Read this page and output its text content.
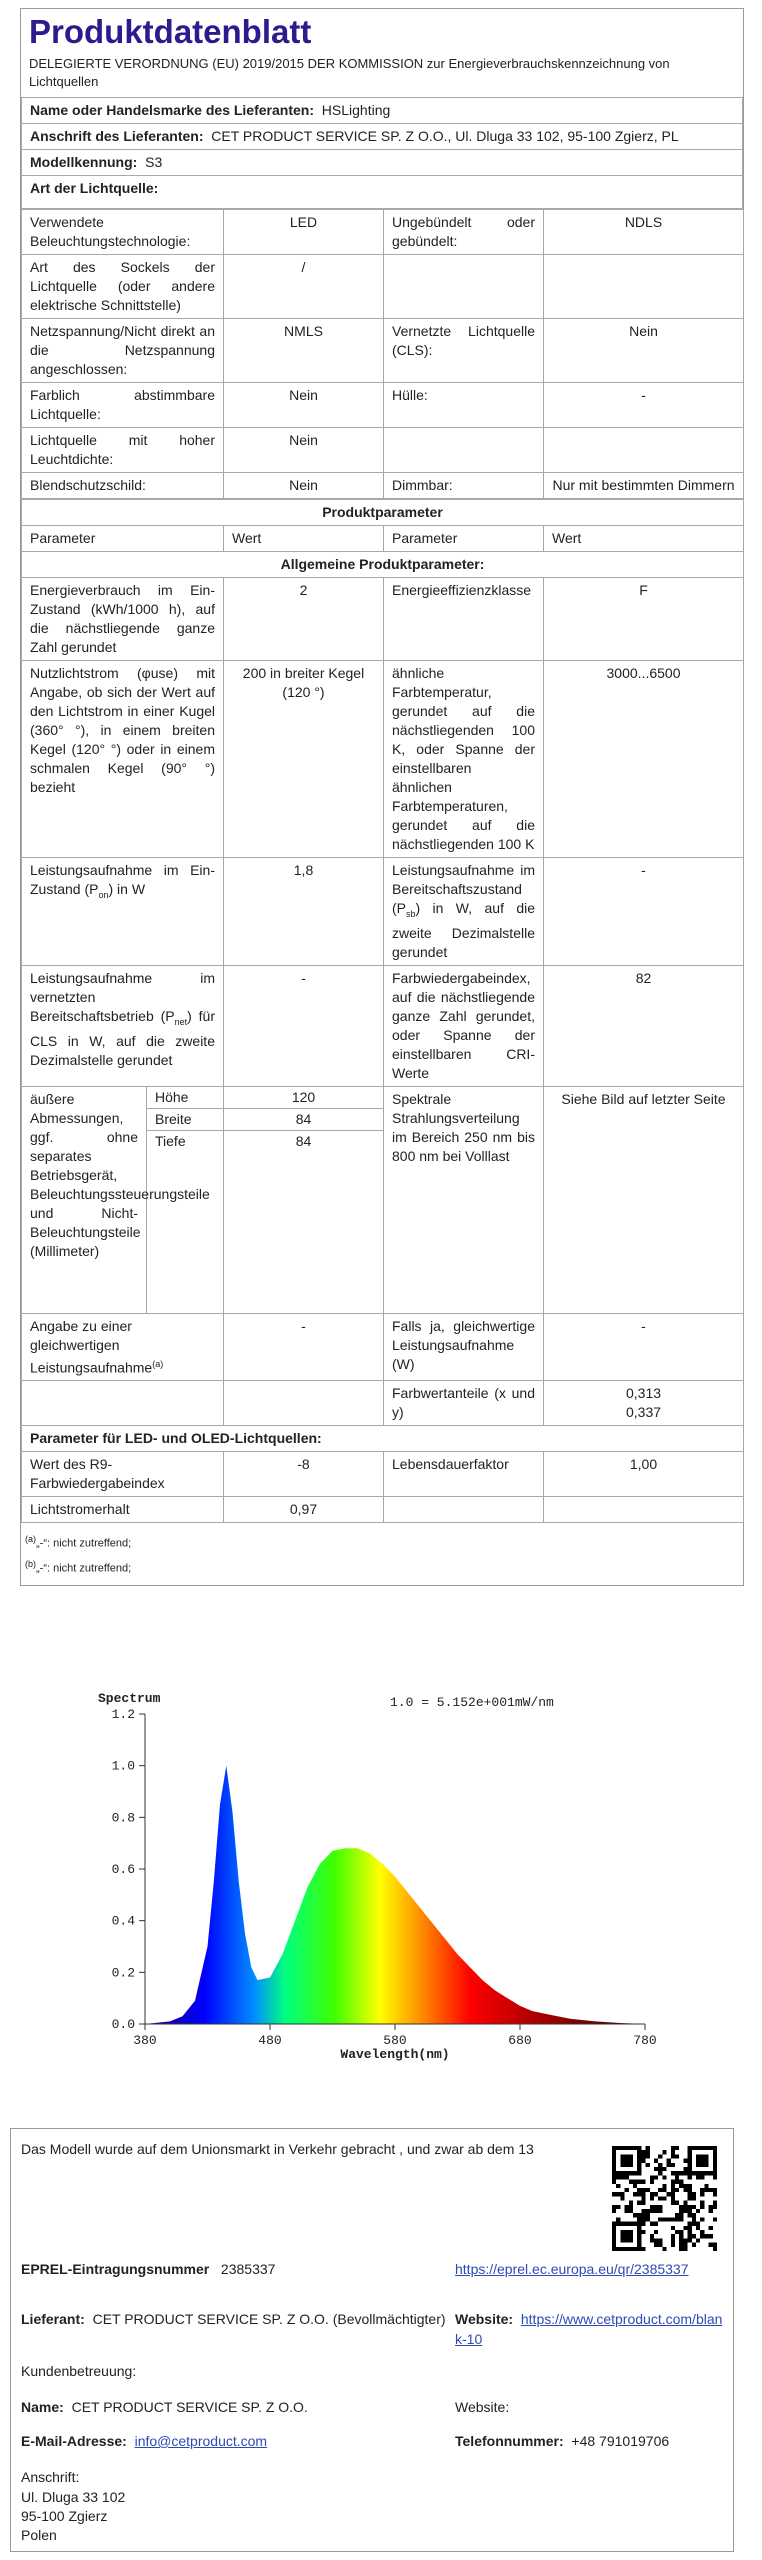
Produktdatenblatt
DELEGIERTE VERORDNUNG (EU) 2019/2015 DER KOMMISSION zur Energieverbrauchskennzeichnung von Lichtquellen
Name oder Handelsmarke des Lieferanten: HSLighting
Anschrift des Lieferanten: CET PRODUCT SERVICE SP. Z O.O., Ul. Dluga 33 102, 95-100 Zgierz, PL
Modellkennung: S3
Art der Lichtquelle:
Verwendete Beleuchtungstechnologie:	LED	Ungebündelt oder gebündelt:	NDLS
Art des Sockels der Lichtquelle (oder andere elektrische Schnittstelle)	/		
Netzspannung/Nicht direkt an die Netzspannung angeschlossen:	NMLS	Vernetzte Lichtquelle (CLS):	Nein
Farblich abstimmbare Lichtquelle:	Nein	Hülle:	-
Lichtquelle mit hoher Leuchtdichte:	Nein		
Blendschutzschild:	Nein	Dimmbar:	Nur mit bestimmten Dimmern
Produktparameter				
Parameter		Wert	Parameter	Wert
Allgemeine Produktparameter:				
Energieverbrauch im Ein-Zustand (kWh/1000 h), auf die nächstliegende ganze Zahl gerundet		2	Energieeffizienzklasse	F
Nutzlichtstrom (φuse) mit Angabe, ob sich der Wert auf den Lichtstrom in einer Kugel (360° °), in einem breiten Kegel (120° °) oder in einem schmalen Kegel (90° °) bezieht		200 in breiter Kegel (120 °)	ähnliche Farbtemperatur, gerundet auf die nächstliegenden 100 K, oder Spanne der einstellbaren ähnlichen Farbtemperaturen, gerundet auf die nächstliegenden 100 K	3000...6500
Leistungsaufnahme im Ein-Zustand $(P_{on})$ in W		1,8	Leistungsaufnahme im Bereitschaftszustand $(P_{sb})$ in W, auf die zweite Dezimalstelle gerundet	-
Leistungsaufnahme im vernetzten Bereitschaftsbetrieb $(P_{net})$ für CLS in W, auf die zweite Dezimalstelle gerundet		-	Farbwiedergabeindex, auf die nächstliegende ganze Zahl gerundet, oder Spanne der einstellbaren CRI-Werte	82
äußere Abmessungen, ggf. ohne separates Betriebsgerät, Beleuchtungssteuerungsteile und Nicht-Beleuchtungsteile (Millimeter)	Höhe	120	Spektrale Strahlungsverteilung im Bereich 250 nm bis 800 nm bei Volllast	Siehe Bild auf letzter Seite
	Breite	84		
	Tiefe	84		
Angabe zu einer gleichwertigen Leistungsaufnahme$^{(a)}$		-	Falls ja, gleichwertige Leistungsaufnahme (W)	-
			Farbwertanteile (x und y)	0,313
0,337

Parameter für LED- und OLED-Lichtquellen:				
Wert des R9-Farbwiedergabeindex		-8	Lebensdauerfaktor	1,00
Lichtstromerhalt		0,97		
$^{(a)}$„-“: nicht zutreffend;
$^{(b)}$„-“: nicht zutreffend;
0.0
0.2
0.4
0.6
0.8
1.0
1.2
380	480	580	680	780
Spectrum	1.0 = 5.152e+001mW/nm
Wavelength(nm)
Das Modell wurde auf dem Unionsmarkt in Verkehr gebracht , und zwar ab dem 13
EPREL-Eintragungsnummer 2385337	https://eprel.ec.europa.eu/qr/2385337
Lieferant: CET PRODUCT SERVICE SP. Z O.O. (Bevollmächtigter) Website: https://www.cetproduct.com/blank-10
Kundenbetreuung:
Name: CET PRODUCT SERVICE SP. Z O.O.	Website:
E-Mail-Adresse: info@cetproduct.com	Telefonnummer: +48 791019706
Anschrift:
Ul. Dluga 33 102
95-100 Zgierz
Polen
